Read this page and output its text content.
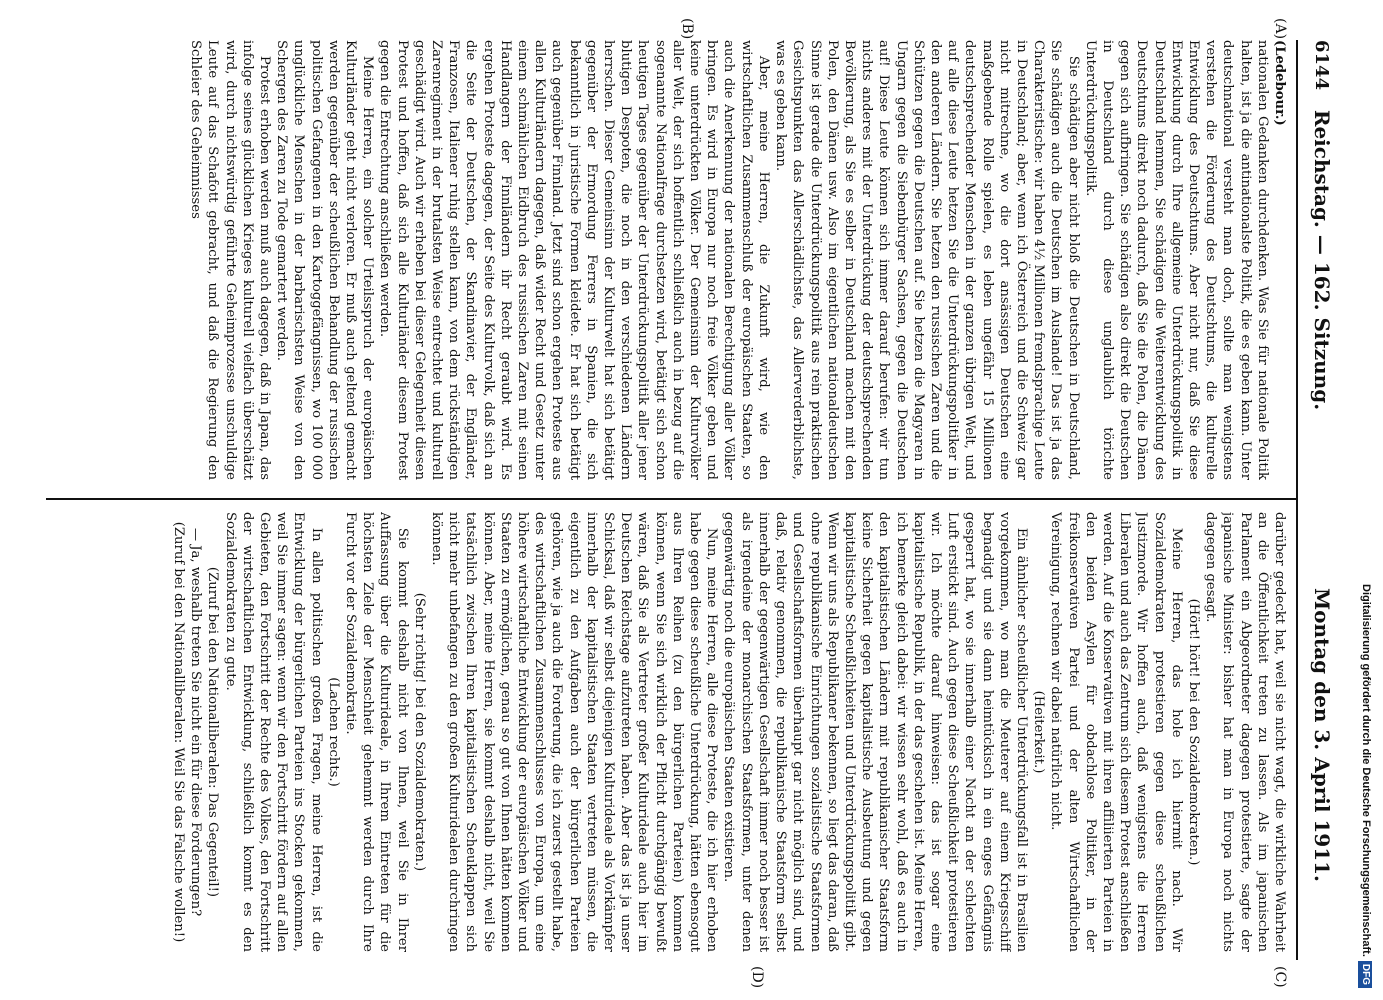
6144
Reichstag. — 162. Sitzung.
Montag den 3. April 1911.
(A)
(B)
(C)
(D)

(Ledebour.)

nationalen Gedanken durchdenken. Was Sie für nationale Politik halten, ist ja die antinationalste Politik, die es geben kann. Unter deutschnational versteht man doch, sollte man wenigstens verstehen die Förderung des Deutschtums, die kulturelle Entwicklung des Deutschtums. Aber nicht nur, daß Sie diese Entwicklung durch Ihre allgemeine Unterdrückungspolitik in Deutschland hemmen, Sie schädigen die Weiterentwicklung des Deutschtums direkt noch dadurch, daß Sie die Polen, die Dänen gegen sich aufbringen. Sie schädigen also direkt die Deutschen in Deutschland durch diese unglaublich törichte Unterdrückungspolitik.

Sie schädigen aber nicht bloß die Deutschen in Deutschland, Sie schädigen auch die Deutschen im Auslande! Das ist ja das Charakteristische: wir haben 4½ Millionen fremdsprachige Leute in Deutschland; aber, wenn ich Österreich und die Schweiz gar nicht mitrechne, wo die dort ansässigen Deutschen eine maßgebende Rolle spielen, es leben ungefähr 15 Millionen deutschsprechender Menschen in der ganzen übrigen Welt, und auf alle diese Leute hetzen Sie die Unterdrückungspolitiker in den anderen Ländern. Sie hetzen den russischen Zaren und die Schützen gegen die Deutschen auf. Sie hetzen die Magyaren in Ungarn gegen die Siebenbürger Sachsen, gegen die Deutschen auf! Diese Leute können sich immer darauf berufen: wir tun nichts anderes mit der Unterdrückung der deutschsprechenden Bevölkerung, als Sie es selber in Deutschland machen mit den Polen, den Dänen usw. Also im eigentlichen nationaldeutschen Sinne ist gerade die Unterdrückungspolitik aus rein praktischen Gesichtspunkten das Allerschädlichste, das Allerverderblichste, was es geben kann.

Aber, meine Herren, die Zukunft wird, wie den wirtschaftlichen Zusammenschluß der europäischen Staaten, so auch die Anerkennung der nationalen Berechtigung aller Völker bringen. Es wird in Europa nur noch freie Völker geben und keine unterdrückten Völker. Der Gemeinsinn der Kulturvölker aller Welt, der sich hoffentlich schließlich auch in bezug auf die sogenannte Nationalfrage durchsetzen wird, betätigt sich schon heutigen Tages gegenüber der Unterdrückungspolitik aller jener blutigen Despoten, die noch in den verschiedenen Ländern herrschen. Dieser Gemeinsinn der Kulturwelt hat sich betätigt gegenüber der Ermordung Ferrers in Spanien, die sich bekanntlich in juristische Formen kleidete. Er hat sich betätigt auch gegenüber Finnland. Jetzt sind schon ergehen Proteste aus allen Kulturländern dagegen, daß wider Recht und Gesetz unter einem schmählichen Eidbruch des russischen Zaren mit seinen Handlangern der Finnländern ihr Recht geraubt wird. Es ergehen Proteste dagegen, der Seite des Kulturvolk, daß sich an die Seite der Deutschen, der Skandinavier, der Engländer, Franzosen, Italiener ruhig stellen kann, von dem rückständigen Zarenregiment in der brutalsten Weise entrechtet und kulturell geschädigt wird. Auch wir erheben bei dieser Gelegenheit diesen Protest und hoffen, daß sich alle Kulturländer diesem Protest gegen die Entrechtung anschließen werden.

Meine Herren, ein solcher Urteilsspruch der europäischen Kulturländer geht nicht verloren. Er muß auch geltend gemacht werden gegenüber der scheußlichen Behandlung der russischen politischen Gefangenen in den Kartoggefängnissen, wo 100 000 unglückliche Menschen in der barbarischsten Weise von den Schergen des Zaren zu Tode gemartert werden.

Protest erhoben werden muß auch dagegen, daß in Japan, das infolge seines glücklichen Krieges kulturell vielfach überschätzt wird, durch nichtswürdig geführte Geheimprozesse unschuldige Leute auf das Schafott gebracht, und daß die Regierung den Schleier des Geheimnisses

darüber gedeckt hat, weil sie nicht wagt, die wirkliche Wahrheit an die Öffentlichkeit treten zu lassen. Als im japanischen Parlament ein Abgeordneter dagegen protestierte, sagte der japanische Minister: bisher hat man in Europa noch nichts dagegen gesagt.

(Hört! hört! bei den Sozialdemokraten.)

Meine Herren, das hole ich hiermit nach. Wir Sozialdemokraten protestieren gegen diese scheußlichen Justizmorde. Wir hoffen auch, daß wenigstens die Herren Liberalen und auch das Zentrum sich diesem Protest anschließen werden. Auf die Konservativen mit ihren affiliierten Parteien in den beiden Asylen für obdachlose Politiker, in der freikonservativen Partei und der alten Wirtschaftlichen Vereinigung, rechnen wir dabei natürlich nicht.

(Heiterkeit.)

Ein ähnlicher scheußlicher Unterdrückungsfall ist in Brasilien vorgekommen, wo man die Meuterer auf einem Kriegsschiff begnadigt und sie dann heimtückisch in ein enges Gefängnis gesperrt hat, wo sie innerhalb einer Nacht an der schlechten Luft erstickt sind. Auch gegen diese Scheußlichkeit protestieren wir. Ich möchte darauf hinweisen: das ist sogar eine kapitalistische Republik, in der das geschehen ist. Meine Herren, ich bemerke gleich dabei: wir wissen sehr wohl, daß es auch in den kapitalistischen Ländern mit republikanischer Staatsform keine Sicherheit gegen kapitalistische Ausbeutung und gegen kapitalistische Scheußlichkeiten und Unterdrückungspolitik gibt. Wenn wir uns als Republikaner bekennen, so liegt das daran, daß ohne republikanische Einrichtungen sozialistische Staatsformen und Gesellschaftsformen überhaupt gar nicht möglich sind, und daß, relativ genommen, die republikanische Staatsform selbst innerhalb der gegenwärtigen Gesellschaft immer noch besser ist als irgendeine der monarchischen Staatsformen, unter denen gegenwärtig noch die europäischen Staaten existieren.

Nun, meine Herren, alle diese Proteste, die ich hier erhoben habe gegen diese scheußliche Unterdrückung, hätten ebensogut aus Ihren Reihen (zu den bürgerlichen Parteien) kommen können, wenn Sie sich wirklich der Pflicht durchgängig bewußt wären, daß Sie als Vertreter großer Kulturideale auch hier im Deutschen Reichstage aufzutreten haben. Aber das ist ja unser Schicksal, daß wir selbst diejenigen Kulturideale als Vorkämpfer innerhalb der kapitalistischen Staaten vertreten müssen, die eigentlich zu den Aufgaben auch der bürgerlichen Parteien gehören, wie ja auch die Forderung, die ich zuerst gestellt habe, des wirtschaftlichen Zusammenschlusses von Europa, um eine höhere wirtschaftliche Entwicklung der europäischen Völker und Staaten zu ermöglichen, genau so gut von Ihnen hätten kommen können. Aber, meine Herren, sie kommt deshalb nicht, weil Sie tatsächlich zwischen Ihren kapitalistischen Scheuklappen sich nicht mehr unbefangen zu den großen Kulturidealen durchringen können.

(Sehr richtig! bei den Sozialdemokraten.)

Sie kommt deshalb nicht von Ihnen, weil Sie in Ihrer Auffassung über die Kulturideale, in Ihrem Eintreten für die höchsten Ziele der Menschheit gehemmt werden durch Ihre Furcht vor der Sozialdemokratie.

(Lachen rechts.)

In allen politischen großen Fragen, meine Herren, ist die Entwicklung der bürgerlichen Parteien ins Stocken gekommen, weil Sie immer sagen: wenn wir den Fortschritt fördern auf allen Gebieten, den Fortschritt der Rechte des Volkes, den Fortschritt der wirtschaftlichen Entwicklung, schließlich kommt es den Sozialdemokraten zu gute.

(Zuruf bei den Nationalliberalen: Das Gegenteil!)

— Ja, weshalb treten Sie nicht ein für diese Forderungen?

(Zuruf bei den Nationalliberalen: Weil Sie das Falsche wollen!)	Digitalisierung gefördert durch die Deutsche Forschungsgemeinschaft.DFG
